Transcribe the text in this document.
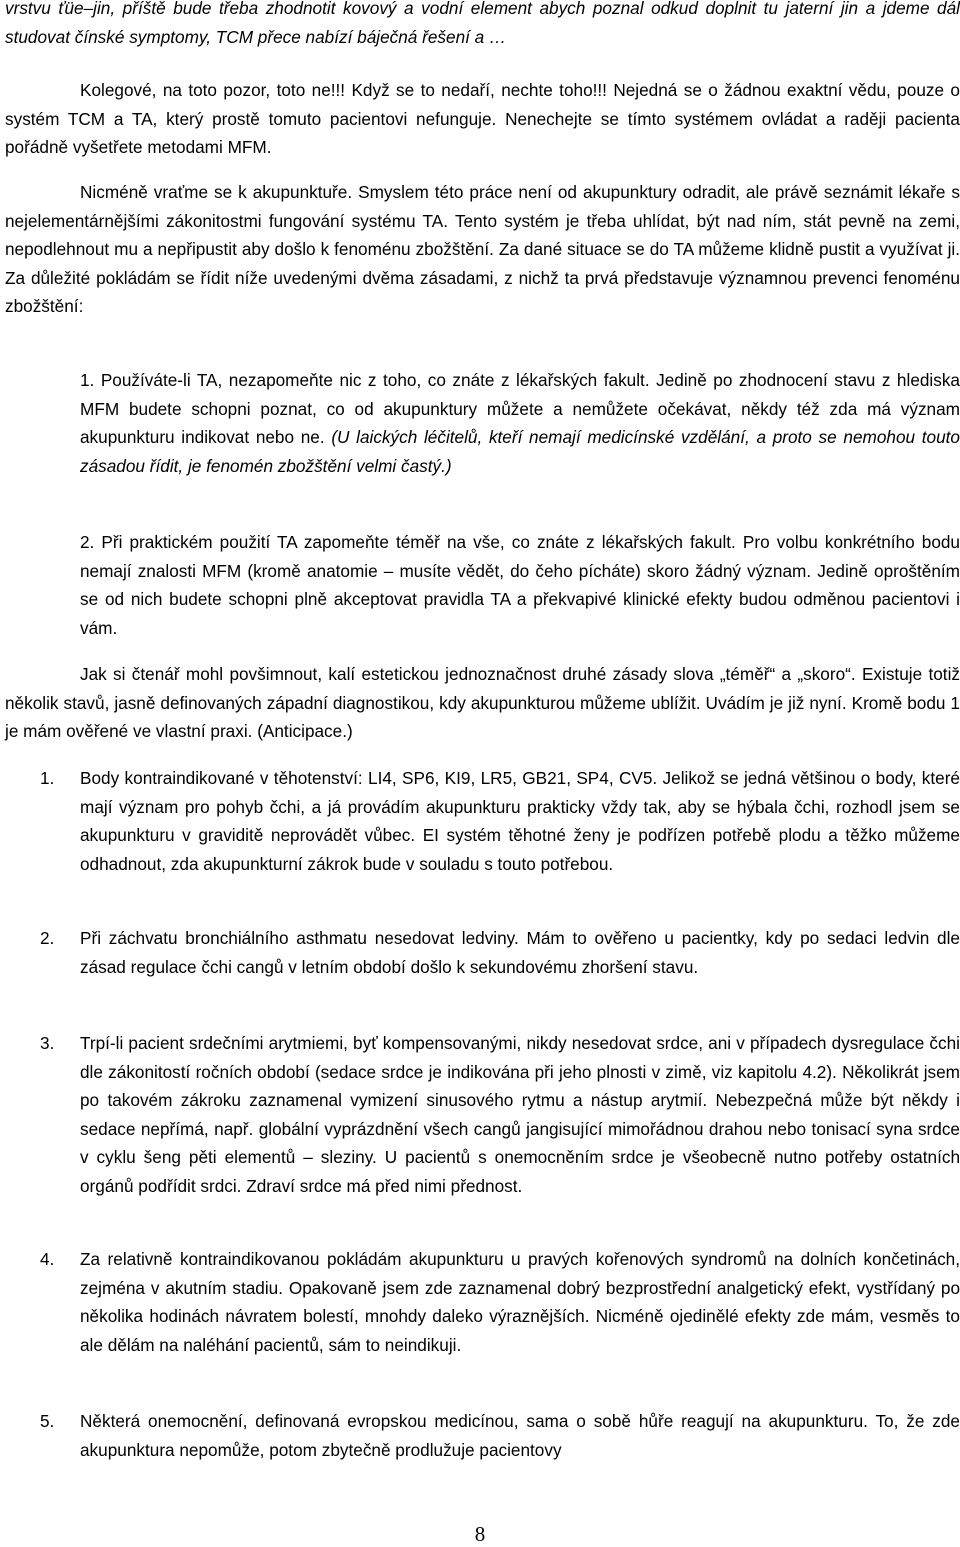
vrstvu ťüe–jin, příště bude třeba zhodnotit kovový a vodní element abych poznal odkud doplnit tu jaterní jin a jdeme dál studovat čínské symptomy, TCM přece nabízí báječná řešení a …

Kolegové, na toto pozor, toto ne!!! Když se to nedaří, nechte toho!!! Nejedná se o žádnou exaktní vědu, pouze o systém TCM a TA, který prostě tomuto pacientovi nefunguje. Nenechejte se tímto systémem ovládat a raději pacienta pořádně vyšetřete metodami MFM.

Nicméně vraťme se k akupunktuře. Smyslem této práce není od akupunktury odradit, ale právě seznámit lékaře s nejelementárnějšími zákonitostmi fungování systému TA. Tento systém je třeba uhlídat, být nad ním, stát pevně na zemi, nepodlehnout mu a nepřipustit aby došlo k fenoménu zbožštění. Za dané situace se do TA můžeme klidně pustit a využívat ji. Za důležité pokládám se řídit níže uvedenými dvěma zásadami, z nichž ta prvá představuje významnou prevenci fenoménu zbožštění:

1. Používáte-li TA, nezapomeňte nic z toho, co znáte z lékařských fakult. Jedině po zhodnocení stavu z hlediska MFM budete schopni poznat, co od akupunktury můžete a nemůžete očekávat, někdy též zda má význam akupunkturu indikovat nebo ne. (U laických léčitelů, kteří nemají medicínské vzdělání, a proto se nemohou touto zásadou řídit, je fenomén zbožštění velmi častý.)

2. Při praktickém použití TA zapomeňte téměř na vše, co znáte z lékařských fakult. Pro volbu konkrétního bodu nemají znalosti MFM (kromě anatomie – musíte vědět, do čeho pícháte) skoro žádný význam. Jedině oproštěním se od nich budete schopni plně akceptovat pravidla TA a překvapivé klinické efekty budou odměnou pacientovi i vám.

Jak si čtenář mohl povšimnout, kalí estetickou jednoznačnost druhé zásady slova „téměř“ a „skoro“. Existuje totiž několik stavů, jasně definovaných západní diagnostikou, kdy akupunkturou můžeme ublížit. Uvádím je již nyní. Kromě bodu 1 je mám ověřené ve vlastní praxi. (Anticipace.)

1.	Body kontraindikované v těhotenství: LI4, SP6, KI9, LR5, GB21, SP4, CV5. Jelikož se jedná většinou o body, které mají význam pro pohyb čchi, a já provádím akupunkturu prakticky vždy tak, aby se hýbala čchi, rozhodl jsem se akupunkturu v graviditě neprovádět vůbec. EI systém těhotné ženy je podřízen potřebě plodu a těžko můžeme odhadnout, zda akupunkturní zákrok bude v souladu s touto potřebou.

2.	Při záchvatu bronchiálního asthmatu nesedovat ledviny. Mám to ověřeno u pacientky, kdy po sedaci ledvin dle zásad regulace čchi cangů v letním období došlo k sekundovému zhoršení stavu.

3.	Trpí-li pacient srdečními arytmiemi, byť kompensovanými, nikdy nesedovat srdce, ani v případech dysregulace čchi dle zákonitostí ročních období (sedace srdce je indikována při jeho plnosti v zimě, viz kapitolu 4.2). Několikrát jsem po takovém zákroku zaznamenal vymizení sinusového rytmu a nástup arytmií. Nebezpečná může být někdy i sedace nepřímá, např. globální vyprázdnění všech cangů jangisující mimořádnou drahou nebo tonisací syna srdce v cyklu šeng pěti elementů – sleziny. U pacientů s onemocněním srdce je všeobecně nutno potřeby ostatních orgánů podřídit srdci. Zdraví srdce má před nimi přednost.

4.	Za relativně kontraindikovanou pokládám akupunkturu u pravých kořenových syndromů na dolních končetinách, zejména v akutním stadiu. Opakovaně jsem zde zaznamenal dobrý bezprostřední analgetický efekt, vystřídaný po několika hodinách návratem bolestí, mnohdy daleko výraznějších. Nicméně ojedinělé efekty zde mám, vesměs to ale dělám na naléhání pacientů, sám to neindikuji.

5.	Některá onemocnění, definovaná evropskou medicínou, sama o sobě hůře reagují na akupunkturu. To, že zde akupunktura nepomůže, potom zbytečně prodlužuje pacientovy

8
